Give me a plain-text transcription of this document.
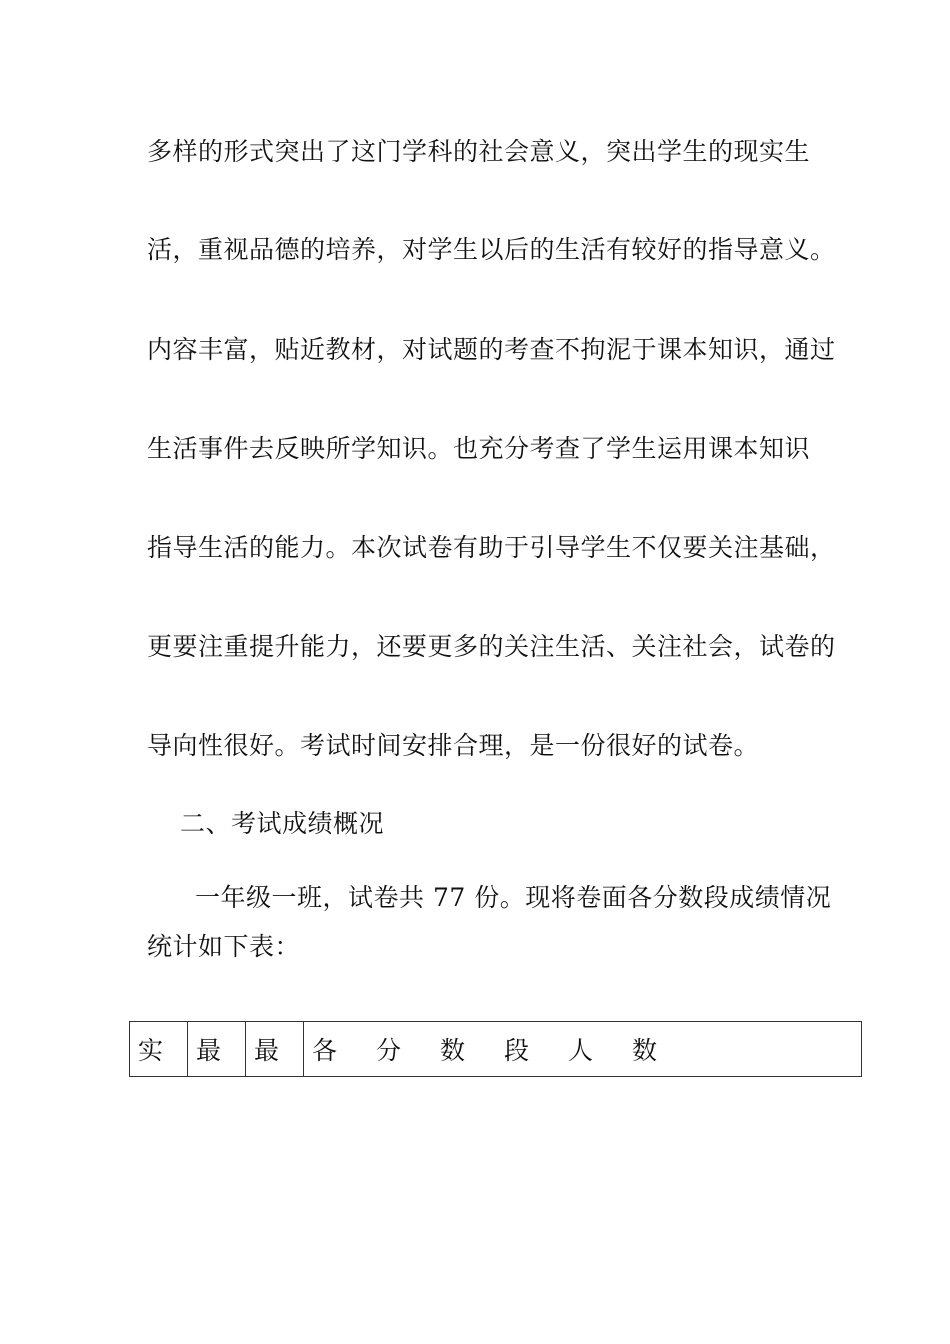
多样的形式突出了这门学科的社会意义，突出学生的现实生
活，重视品德的培养，对学生以后的生活有较好的指导意义。
内容丰富，贴近教材，对试题的考查不拘泥于课本知识，通过
生活事件去反映所学知识。也充分考查了学生运用课本知识
指导生活的能力。本次试卷有助于引导学生不仅要关注基础，
更要注重提升能力，还要更多的关注生活、关注社会，试卷的
导向性很好。考试时间安排合理，是一份很好的试卷。
二、考试成绩概况
一年级一班，试卷共 77 份。现将卷面各分数段成绩情况
统计如下表：
实	最	最	各 分 数 段 人 数
